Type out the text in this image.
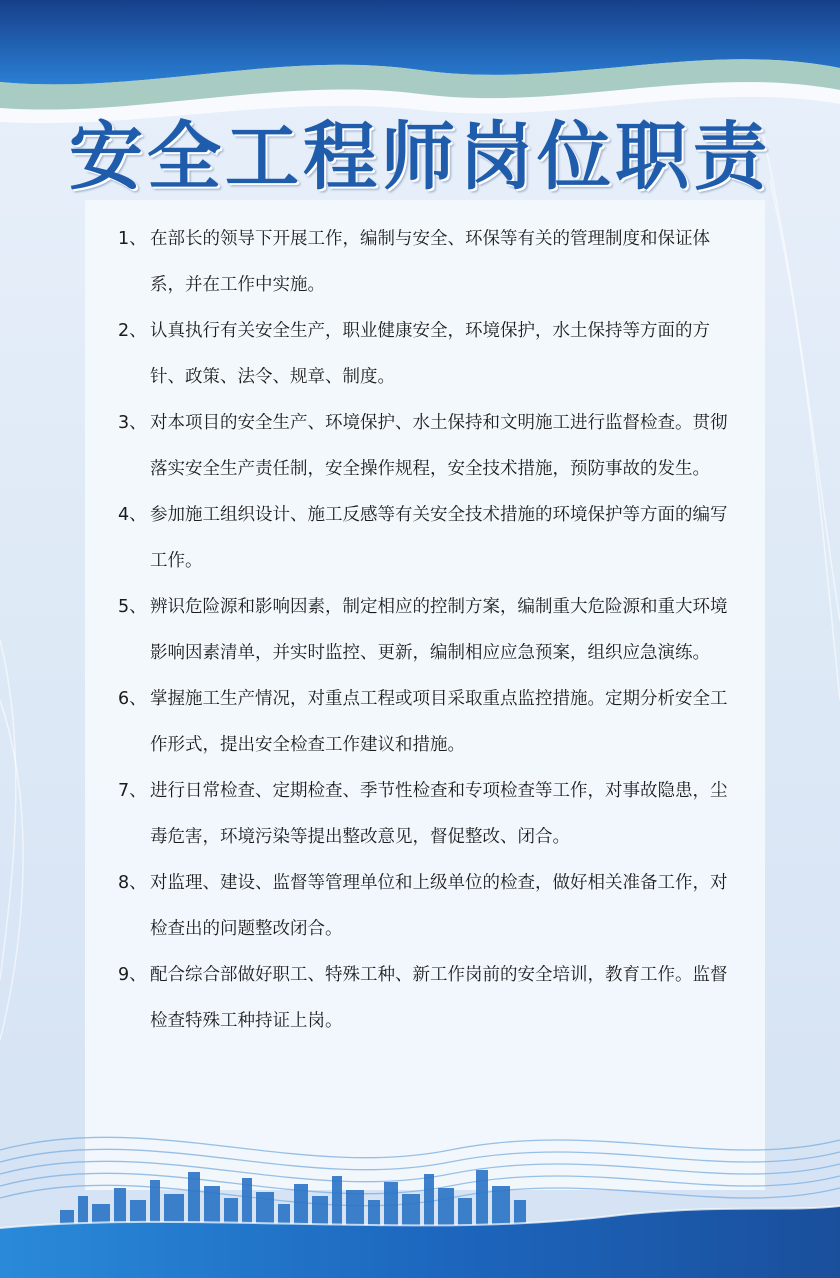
安全工程师岗位职责
1、 在部长的领导下开展工作，编制与安全、环保等有关的管理制度和保证体系，并在工作中实施。
2、 认真执行有关安全生产，职业健康安全，环境保护，水土保持等方面的方针、政策、法令、规章、制度。
3、 对本项目的安全生产、环境保护、水土保持和文明施工进行监督检查。贯彻落实安全生产责任制，安全操作规程，安全技术措施，预防事故的发生。
4、 参加施工组织设计、施工反感等有关安全技术措施的环境保护等方面的编写工作。
5、 辨识危险源和影响因素，制定相应的控制方案，编制重大危险源和重大环境影响因素清单，并实时监控、更新，编制相应应急预案，组织应急演练。
6、 掌握施工生产情况，对重点工程或项目采取重点监控措施。定期分析安全工作形式，提出安全检查工作建议和措施。
7、 进行日常检查、定期检查、季节性检查和专项检查等工作，对事故隐患，尘毒危害，环境污染等提出整改意见，督促整改、闭合。
8、 对监理、建设、监督等管理单位和上级单位的检查，做好相关准备工作，对检查出的问题整改闭合。
9、 配合综合部做好职工、特殊工种、新工作岗前的安全培训，教育工作。监督检查特殊工种持证上岗。
